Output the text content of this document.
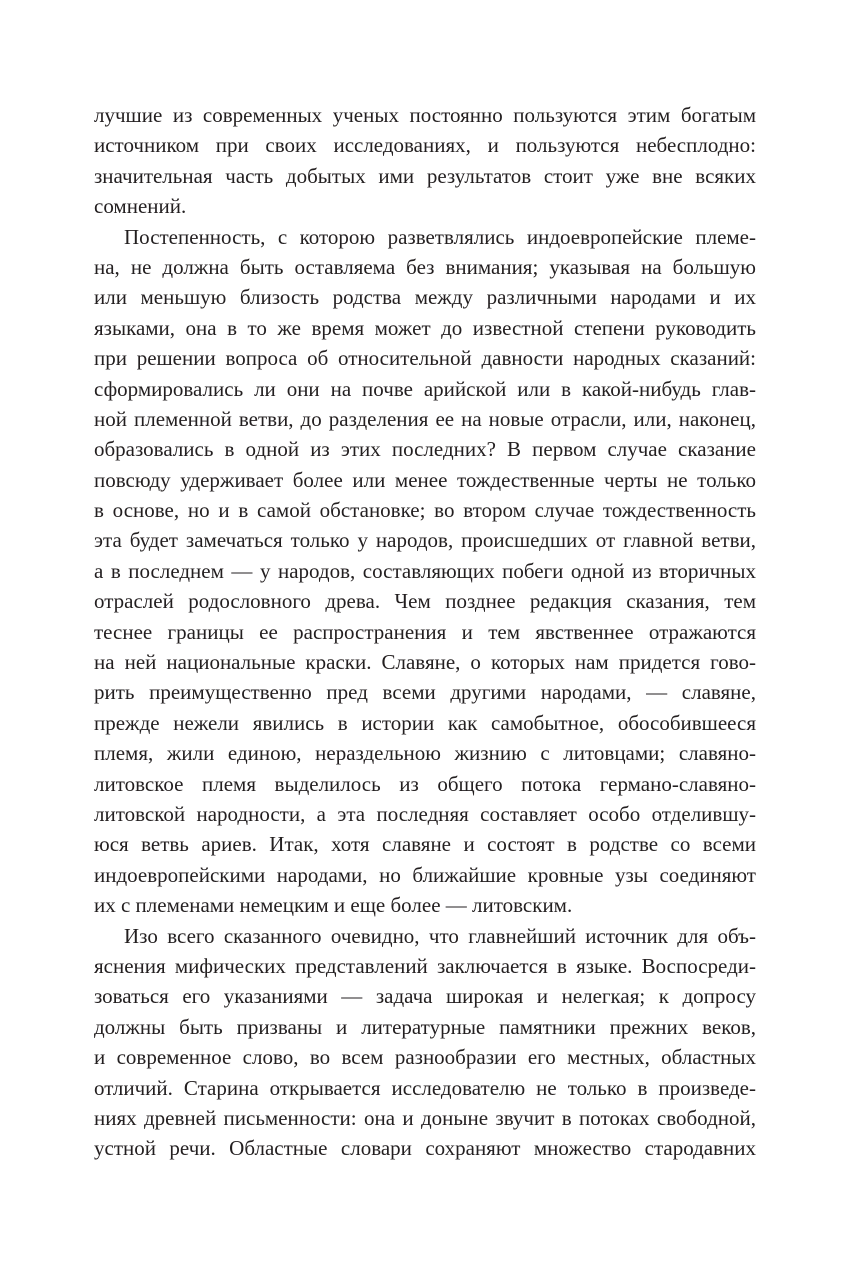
лучшие из современных ученых постоянно пользуются этим богатым
источником при своих исследованиях, и пользуются небесплодно:
значительная часть добытых ими результатов стоит уже вне всяких
сомнений.
Постепенность, с которою разветвлялись индоевропейские племе-
на, не должна быть оставляема без внимания; указывая на большую
или меньшую близость родства между различными народами и их
языками, она в то же время может до известной степени руководить
при решении вопроса об относительной давности народных сказаний:
сформировались ли они на почве арийской или в какой-нибудь глав-
ной племенной ветви, до разделения ее на новые отрасли, или, наконец,
образовались в одной из этих последних? В первом случае сказание
повсюду удерживает более или менее тождественные черты не только
в основе, но и в самой обстановке; во втором случае тождественность
эта будет замечаться только у народов, происшедших от главной ветви,
а в последнем — у народов, составляющих побеги одной из вторичных
отраслей родословного древа. Чем позднее редакция сказания, тем
теснее границы ее распространения и тем явственнее отражаются
на ней национальные краски. Славяне, о которых нам придется гово-
рить преимущественно пред всеми другими народами, — славяне,
прежде нежели явились в истории как самобытное, обособившееся
племя, жили единою, нераздельною жизнию с литовцами; славяно-
литовское племя выделилось из общего потока германо-славяно-
литовской народности, а эта последняя составляет особо отделившу-
юся ветвь ариев. Итак, хотя славяне и состоят в родстве со всеми
индоевропейскими народами, но ближайшие кровные узы соединяют
их с племенами немецким и еще более — литовским.
Изо всего сказанного очевидно, что главнейший источник для объ-
яснения мифических представлений заключается в языке. Воспосреди-
зоваться его указаниями — задача широкая и нелегкая; к допросу
должны быть призваны и литературные памятники прежних веков,
и современное слово, во всем разнообразии его местных, областных
отличий. Старина открывается исследователю не только в произведе-
ниях древней письменности: она и доныне звучит в потоках свободной,
устной речи. Областные словари сохраняют множество стародавних
